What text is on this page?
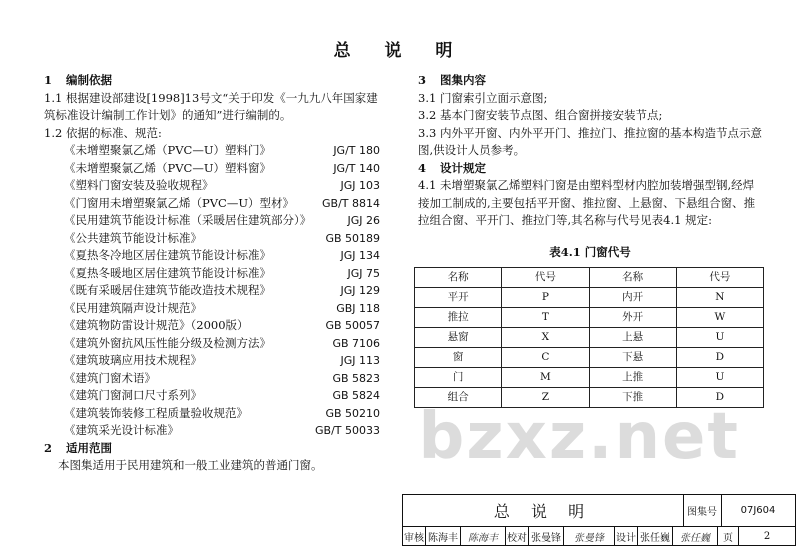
总 说 明
1 编制依据

1.1 根据建设部建设[1998]13号文“关于印发《一九九八年国家建筑标准设计编制工作计划》的通知”进行编制的。

1.2 依据的标准、规范:

《未增塑聚氯乙烯（PVC—U）塑料门》	JG/T 180
《未增塑聚氯乙烯（PVC—U）塑料窗》	JG/T 140
《塑料门窗安装及验收规程》	JGJ 103
《门窗用未增塑聚氯乙烯（PVC—U）型材》	GB/T 8814
《民用建筑节能设计标准（采暖居住建筑部分）》	JGJ 26
《公共建筑节能设计标准》	GB 50189
《夏热冬冷地区居住建筑节能设计标准》	JGJ 134
《夏热冬暖地区居住建筑节能设计标准》	JGJ 75
《既有采暖居住建筑节能改造技术规程》	JGJ 129
《民用建筑隔声设计规范》	GBJ 118
《建筑物防雷设计规范》（2000版）	GB 50057
《建筑外窗抗风压性能分级及检测方法》	GB 7106
《建筑玻璃应用技术规程》	JGJ 113
《建筑门窗术语》	GB 5823
《建筑门窗洞口尺寸系列》	GB 5824
《建筑装饰装修工程质量验收规范》	GB 50210
《建筑采光设计标准》	GB/T 50033
2 适用范围

本图集适用于民用建筑和一般工业建筑的普通门窗。

3 图集内容

3.1 门窗索引立面示意图;

3.2 基本门窗安装节点图、组合窗拼接安装节点;

3.3 内外平开窗、内外平开门、推拉门、推拉窗的基本构造节点示意图,供设计人员参考。

4 设计规定

4.1 未增塑聚氯乙烯塑料门窗是由塑料型材内腔加装增强型钢,经焊接加工制成的,主要包括平开窗、推拉窗、上悬窗、下悬组合窗、推拉组合窗、平开门、推拉门等,其名称与代号见表4.1 规定:

表4.1 门窗代号
名称	代号	名称	代号
平开	P	内开	N
推拉	T	外开	W
悬窗	X	上悬	U
窗	C	下悬	D
门	M	上推	U
组合	Z	下推	D
bzxz.net
总 说 明	图集号	07J604
审核 陈海丰	陈海丰 校对 张曼锋	张曼锋	设计 张任巍	张任巍	页	2
